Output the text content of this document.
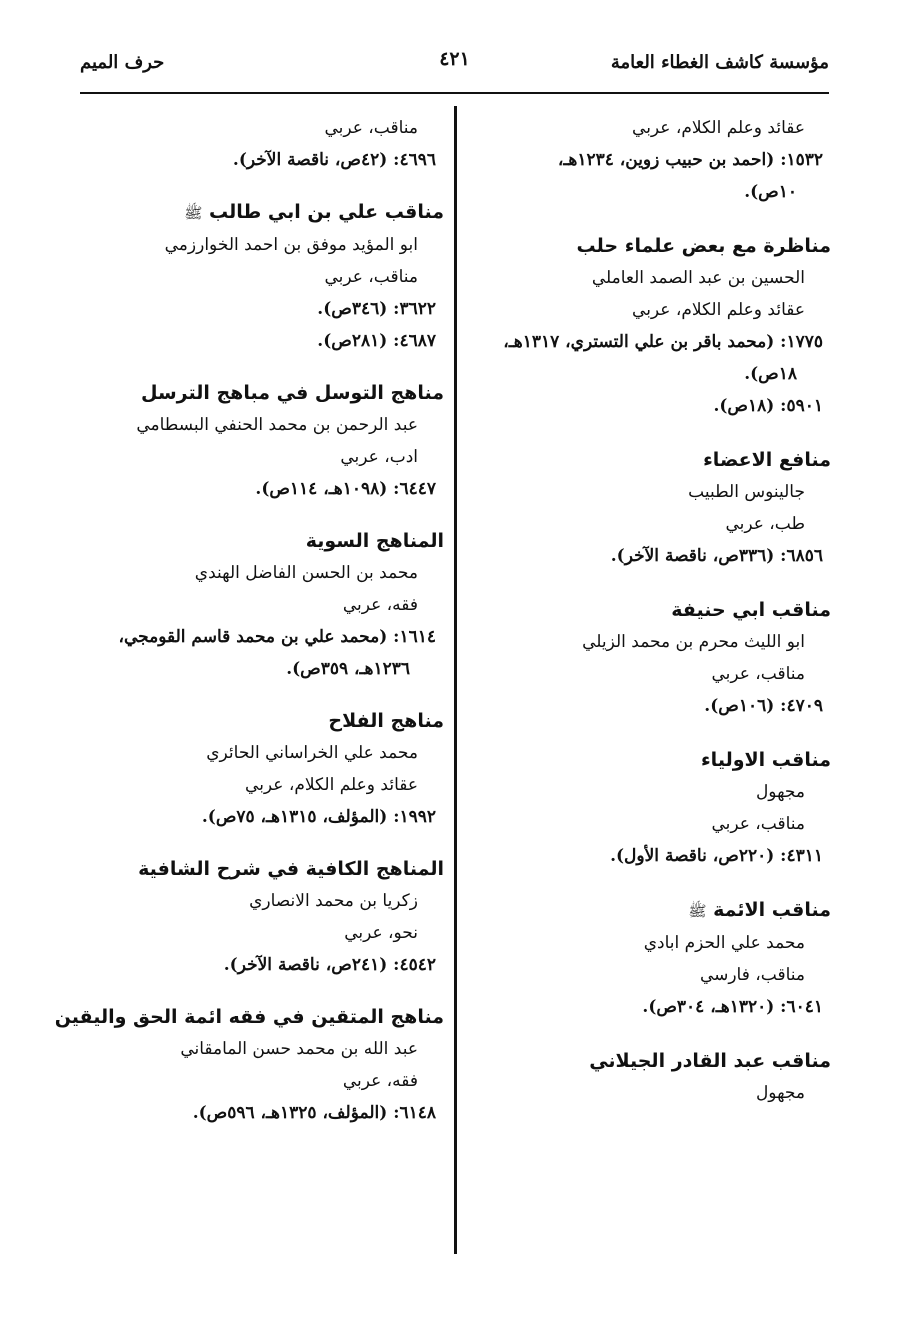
مؤسسة كاشف الغطاء العامة
٤٢١
حرف الميم
عقائد وعلم الكلام، عربي
١٥٣٢: (احمد بن حبيب زوين، ١٢٣٤هـ،
١٠ص).
مناظرة مع بعض علماء حلب
الحسين بن عبد الصمد العاملي
عقائد وعلم الكلام، عربي
١٧٧٥: (محمد باقر بن علي التستري، ١٣١٧هـ،
١٨ص).
٥٩٠١: (١٨ص).
منافع الاعضاء
جالينوس الطبيب
طب، عربي
٦٨٥٦: (٣٣٦ص، ناقصة الآخر).
مناقب ابي حنيفة
ابو الليث محرم بن محمد الزيلي
مناقب، عربي
٤٧٠٩: (١٠٦ص).
مناقب الاولياء
مجهول
مناقب، عربي
٤٣١١: (٢٢٠ص، ناقصة الأول).
مناقب الائمة ﷺ
محمد علي الحزم ابادي
مناقب، فارسي
٦٠٤١: (١٣٢٠هـ، ٣٠٤ص).
مناقب عبد القادر الجيلاني
مجهول
مناقب، عربي
٤٦٩٦: (٤٢ص، ناقصة الآخر).
مناقب علي بن ابي طالب ﷺ
ابو المؤيد موفق بن احمد الخوارزمي
مناقب، عربي
٣٦٢٢: (٣٤٦ص).
٤٦٨٧: (٢٨١ص).
مناهج التوسل في مباهج الترسل
عبد الرحمن بن محمد الحنفي البسطامي
ادب، عربي
٦٤٤٧: (١٠٩٨هـ، ١١٤ص).
المناهج السوية
محمد بن الحسن الفاضل الهندي
فقه، عربي
١٦١٤: (محمد علي بن محمد قاسم القومجي،
١٢٣٦هـ، ٣٥٩ص).
مناهج الفلاح
محمد علي الخراساني الحائري
عقائد وعلم الكلام، عربي
١٩٩٢: (المؤلف، ١٣١٥هـ، ٧٥ص).
المناهج الكافية في شرح الشافية
زكريا بن محمد الانصاري
نحو، عربي
٤٥٤٢: (٢٤١ص، ناقصة الآخر).
مناهج المتقين في فقه ائمة الحق واليقين
عبد الله بن محمد حسن المامقاني
فقه، عربي
٦١٤٨: (المؤلف، ١٣٢٥هـ، ٥٩٦ص).
